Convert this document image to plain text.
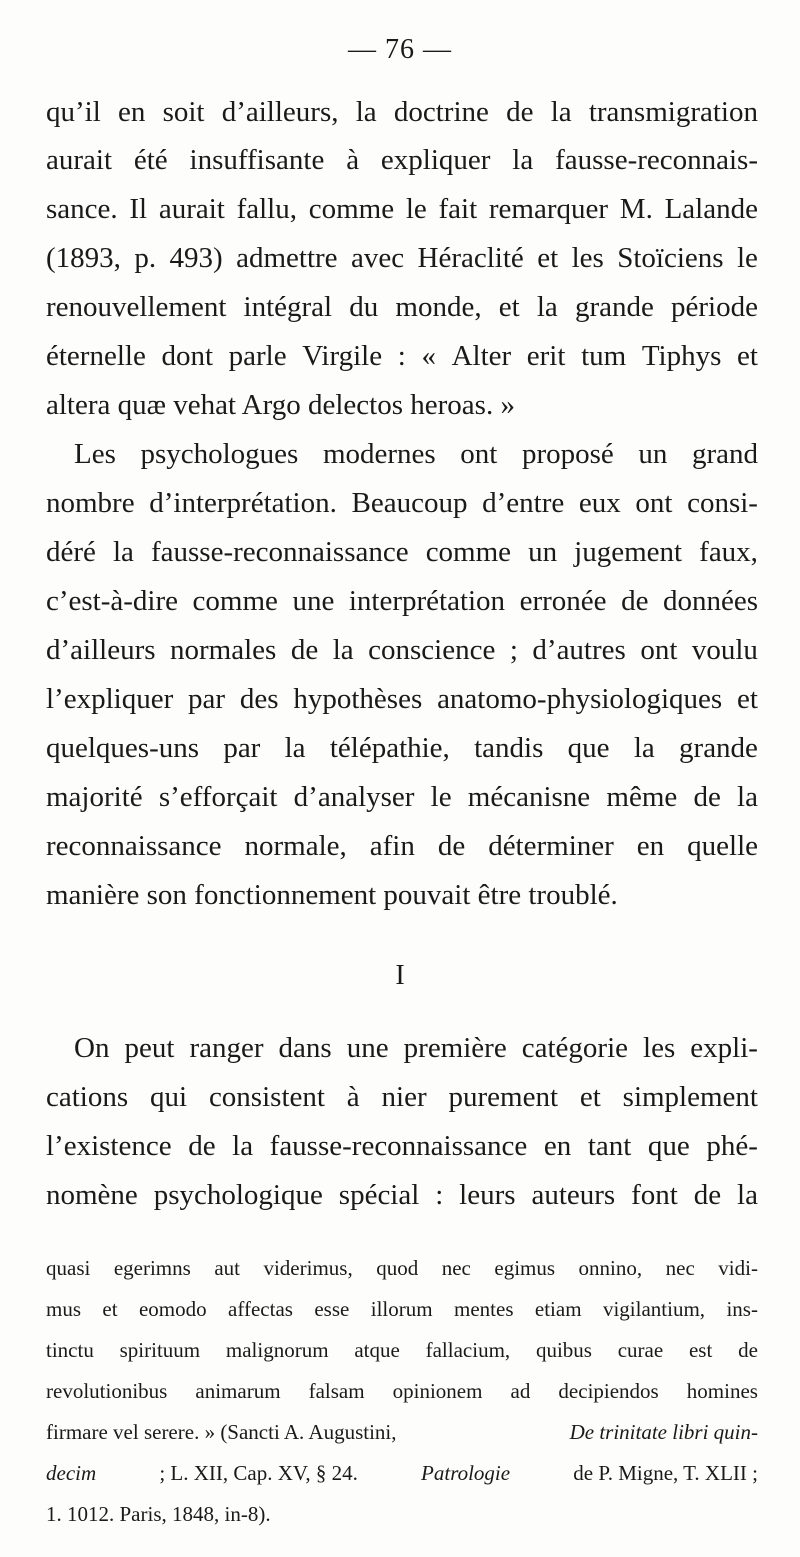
— 76 —
qu’il en soit d’ailleurs, la doctrine de la transmigration
aurait été insuffisante à expliquer la fausse-reconnais-
sance. Il aurait fallu, comme le fait remarquer M. Lalande
(1893, p. 493) admettre avec Héraclité et les Stoïciens le
renouvellement intégral du monde, et la grande période
éternelle dont parle Virgile : « Alter erit tum Tiphys et
altera quæ vehat Argo delectos heroas. »
Les psychologues modernes ont proposé un grand
nombre d’interprétation. Beaucoup d’entre eux ont consi-
déré la fausse-reconnaissance comme un jugement faux,
c’est-à-dire comme une interprétation erronée de données
d’ailleurs normales de la conscience ; d’autres ont voulu
l’expliquer par des hypothèses anatomo-physiologiques et
quelques-uns par la télépathie, tandis que la grande
majorité s’efforçait d’analyser le mécanisne même de la
reconnaissance normale, afin de déterminer en quelle
manière son fonctionnement pouvait être troublé.
I
On peut ranger dans une première catégorie les expli-
cations qui consistent à nier purement et simplement
l’existence de la fausse-reconnaissance en tant que phé-
nomène psychologique spécial : leurs auteurs font de la
quasi egerimns aut viderimus, quod nec egimus onnino, nec vidi-
mus et eomodo affectas esse illorum mentes etiam vigilantium, ins-
tinctu spirituum malignorum atque fallacium, quibus curae est de
revolutionibus animarum falsam opinionem ad decipiendos homines
firmare vel serere. » (Sancti A. Augustini,	De trinitate libri quin-
decim	; L. XII, Cap. XV, § 24.	Patrologie	de P. Migne, T. XLII ;
1. 1012. Paris, 1848, in-8).
